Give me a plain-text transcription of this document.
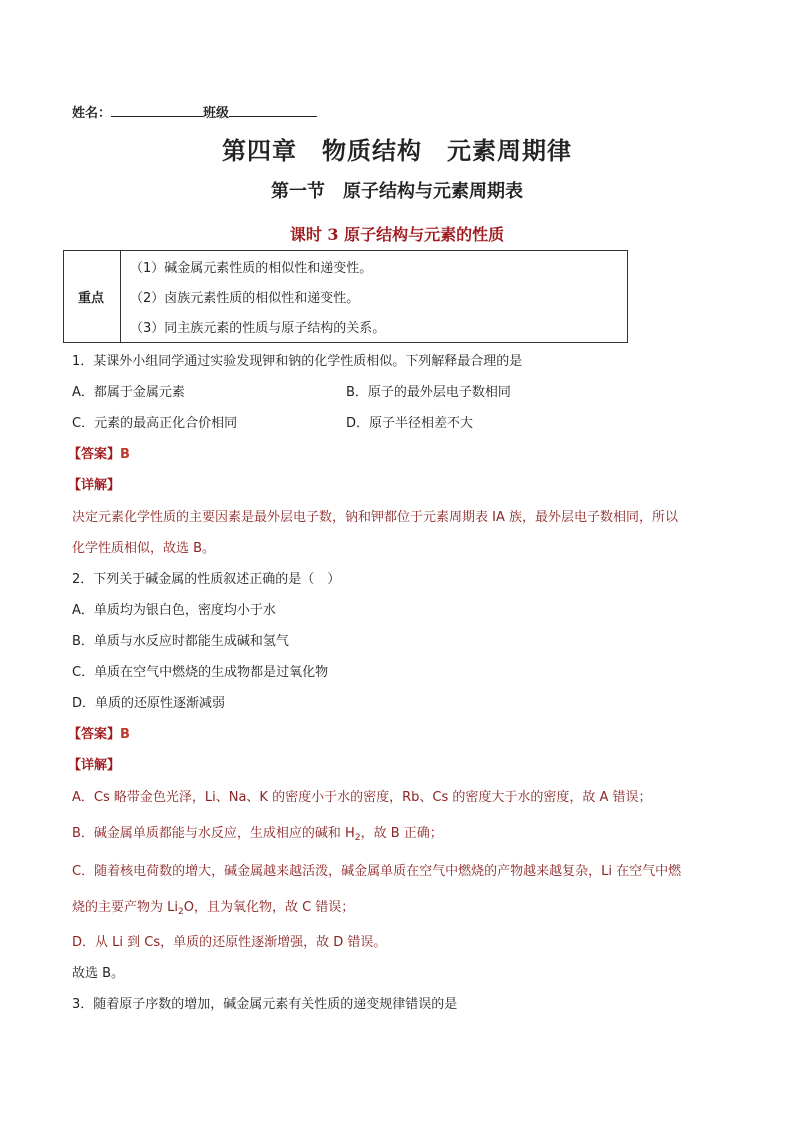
姓名：	班级
第四章　物质结构　元素周期律
第一节　原子结构与元素周期表
课时 3 原子结构与元素的性质
重点
（1）碱金属元素性质的相似性和递变性。
（2）卤族元素性质的相似性和递变性。
（3）同主族元素的性质与原子结构的关系。
1．某课外小组同学通过实验发现钾和钠的化学性质相似。下列解释最合理的是
A．都属于金属元素	B．原子的最外层电子数相同
C．元素的最高正化合价相同	D．原子半径相差不大
【答案】B
【详解】
决定元素化学性质的主要因素是最外层电子数，钠和钾都位于元素周期表 IA 族，最外层电子数相同，所以
化学性质相似，故选 B。
2．下列关于碱金属的性质叙述正确的是（　）
A．单质均为银白色，密度均小于水
B．单质与水反应时都能生成碱和氢气
C．单质在空气中燃烧的生成物都是过氧化物
D．单质的还原性逐渐减弱
【答案】B
【详解】
A．Cs 略带金色光泽，Li、Na、K 的密度小于水的密度，Rb、Cs 的密度大于水的密度，故 A 错误；
B．碱金属单质都能与水反应，生成相应的碱和 $H_2$，故 B 正确；
C．随着核电荷数的增大，碱金属越来越活泼，碱金属单质在空气中燃烧的产物越来越复杂，Li 在空气中燃
烧的主要产物为 $Li_2O$，且为氧化物，故 C 错误；
D．从 Li 到 Cs，单质的还原性逐渐增强，故 D 错误。
故选 B。
3．随着原子序数的增加，碱金属元素有关性质的递变规律错误的是
